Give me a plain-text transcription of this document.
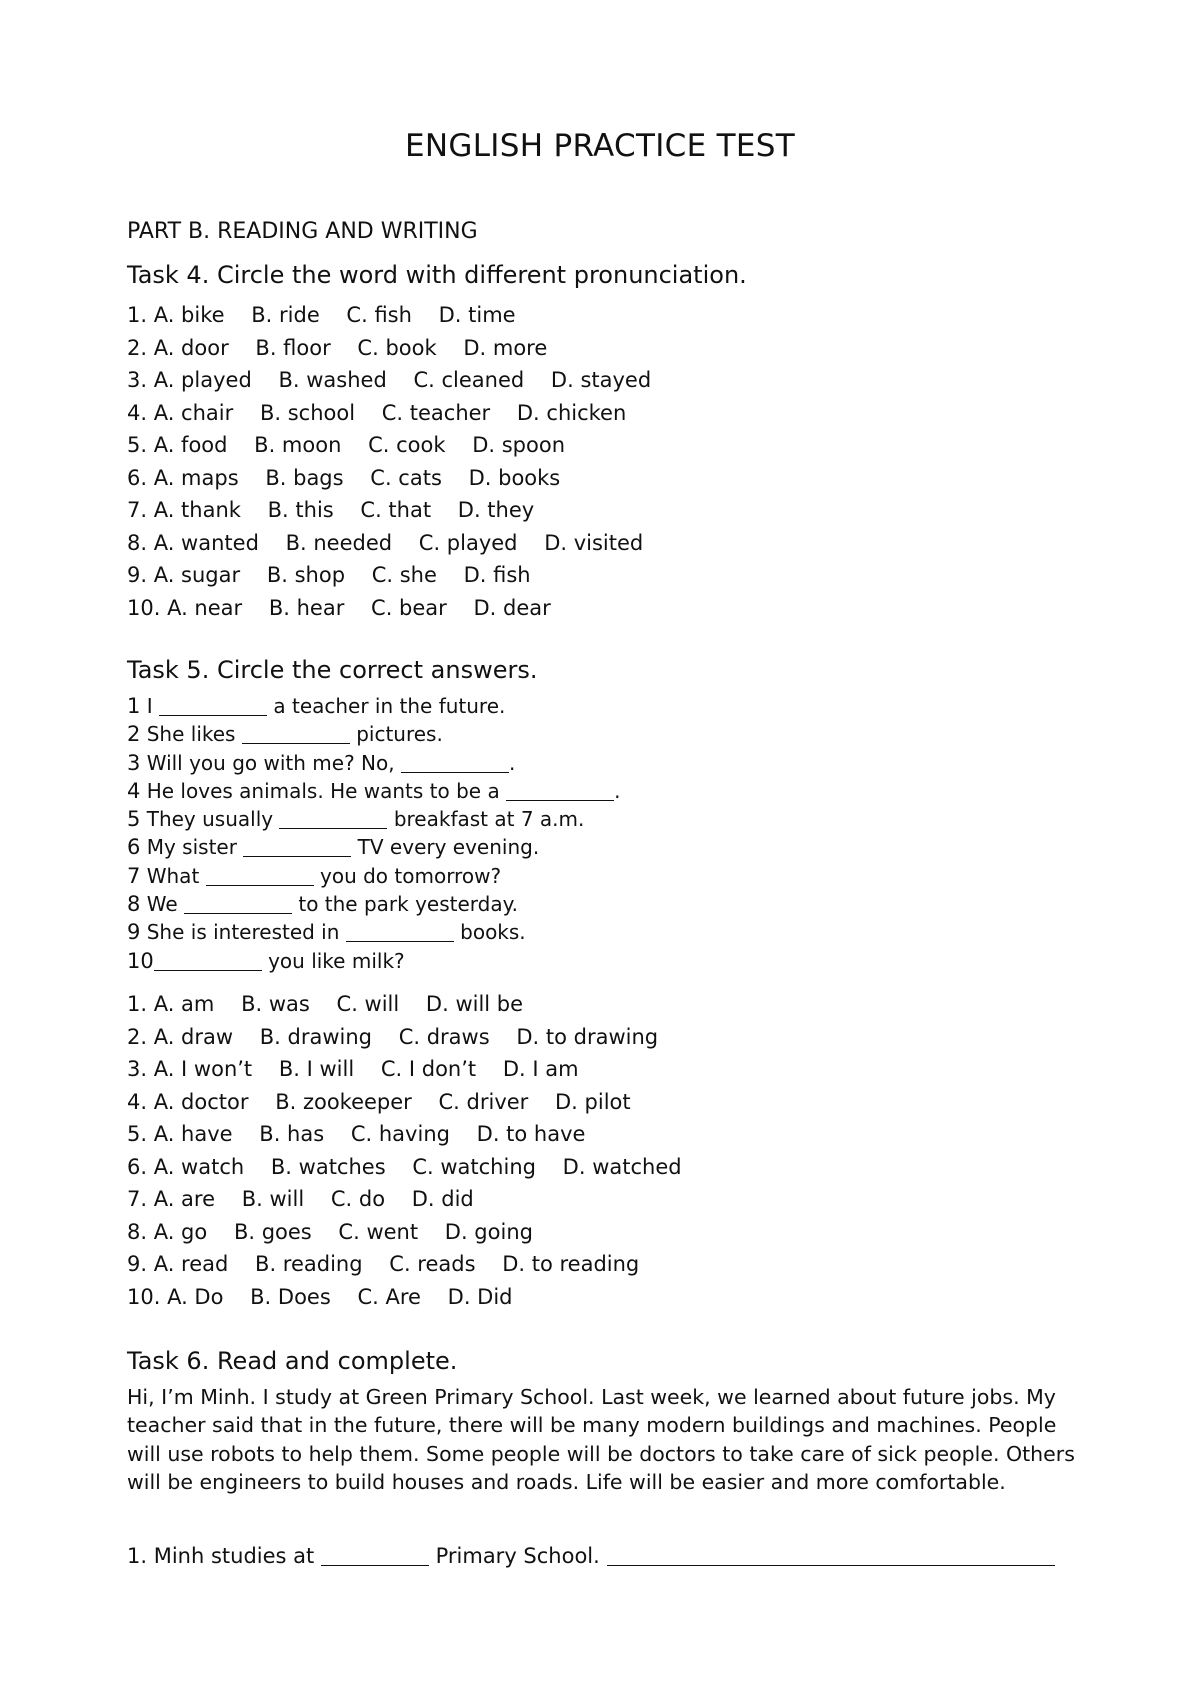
ENGLISH PRACTICE TEST
PART B. READING AND WRITING
Task 4. Circle the word with different pronunciation.
1. A. bike    B. ride    C. fish    D. time
2. A. door    B. floor    C. book    D. more
3. A. played    B. washed    C. cleaned    D. stayed
4. A. chair    B. school    C. teacher    D. chicken
5. A. food    B. moon    C. cook    D. spoon
6. A. maps    B. bags    C. cats    D. books
7. A. thank    B. this    C. that    D. they
8. A. wanted    B. needed    C. played    D. visited
9. A. sugar    B. shop    C. she    D. fish
10. A. near    B. hear    C. bear    D. dear
Task 5. Circle the correct answers.
1 I	a teacher in the future.
2 She likes	pictures.
3 Will you go with me? No,	.
4 He loves animals. He wants to be a	.
5 They usually	breakfast at 7 a.m.
6 My sister	TV every evening.
7 What	you do tomorrow?
8 We	to the park yesterday.
9 She is interested in	books.
10	you like milk?
1. A. am    B. was    C. will    D. will be
2. A. draw    B. drawing    C. draws    D. to drawing
3. A. I won’t    B. I will    C. I don’t    D. I am
4. A. doctor    B. zookeeper    C. driver    D. pilot
5. A. have    B. has    C. having    D. to have
6. A. watch    B. watches    C. watching    D. watched
7. A. are    B. will    C. do    D. did
8. A. go    B. goes    C. went    D. going
9. A. read    B. reading    C. reads    D. to reading
10. A. Do    B. Does    C. Are    D. Did
Task 6. Read and complete.
Hi, I’m Minh. I study at Green Primary School. Last week, we learned about future jobs. My teacher said that in the future, there will be many modern buildings and machines. People will use robots to help them. Some people will be doctors to take care of sick people. Others will be engineers to build houses and roads. Life will be easier and more comfortable.
1. Minh studies at	Primary School.
